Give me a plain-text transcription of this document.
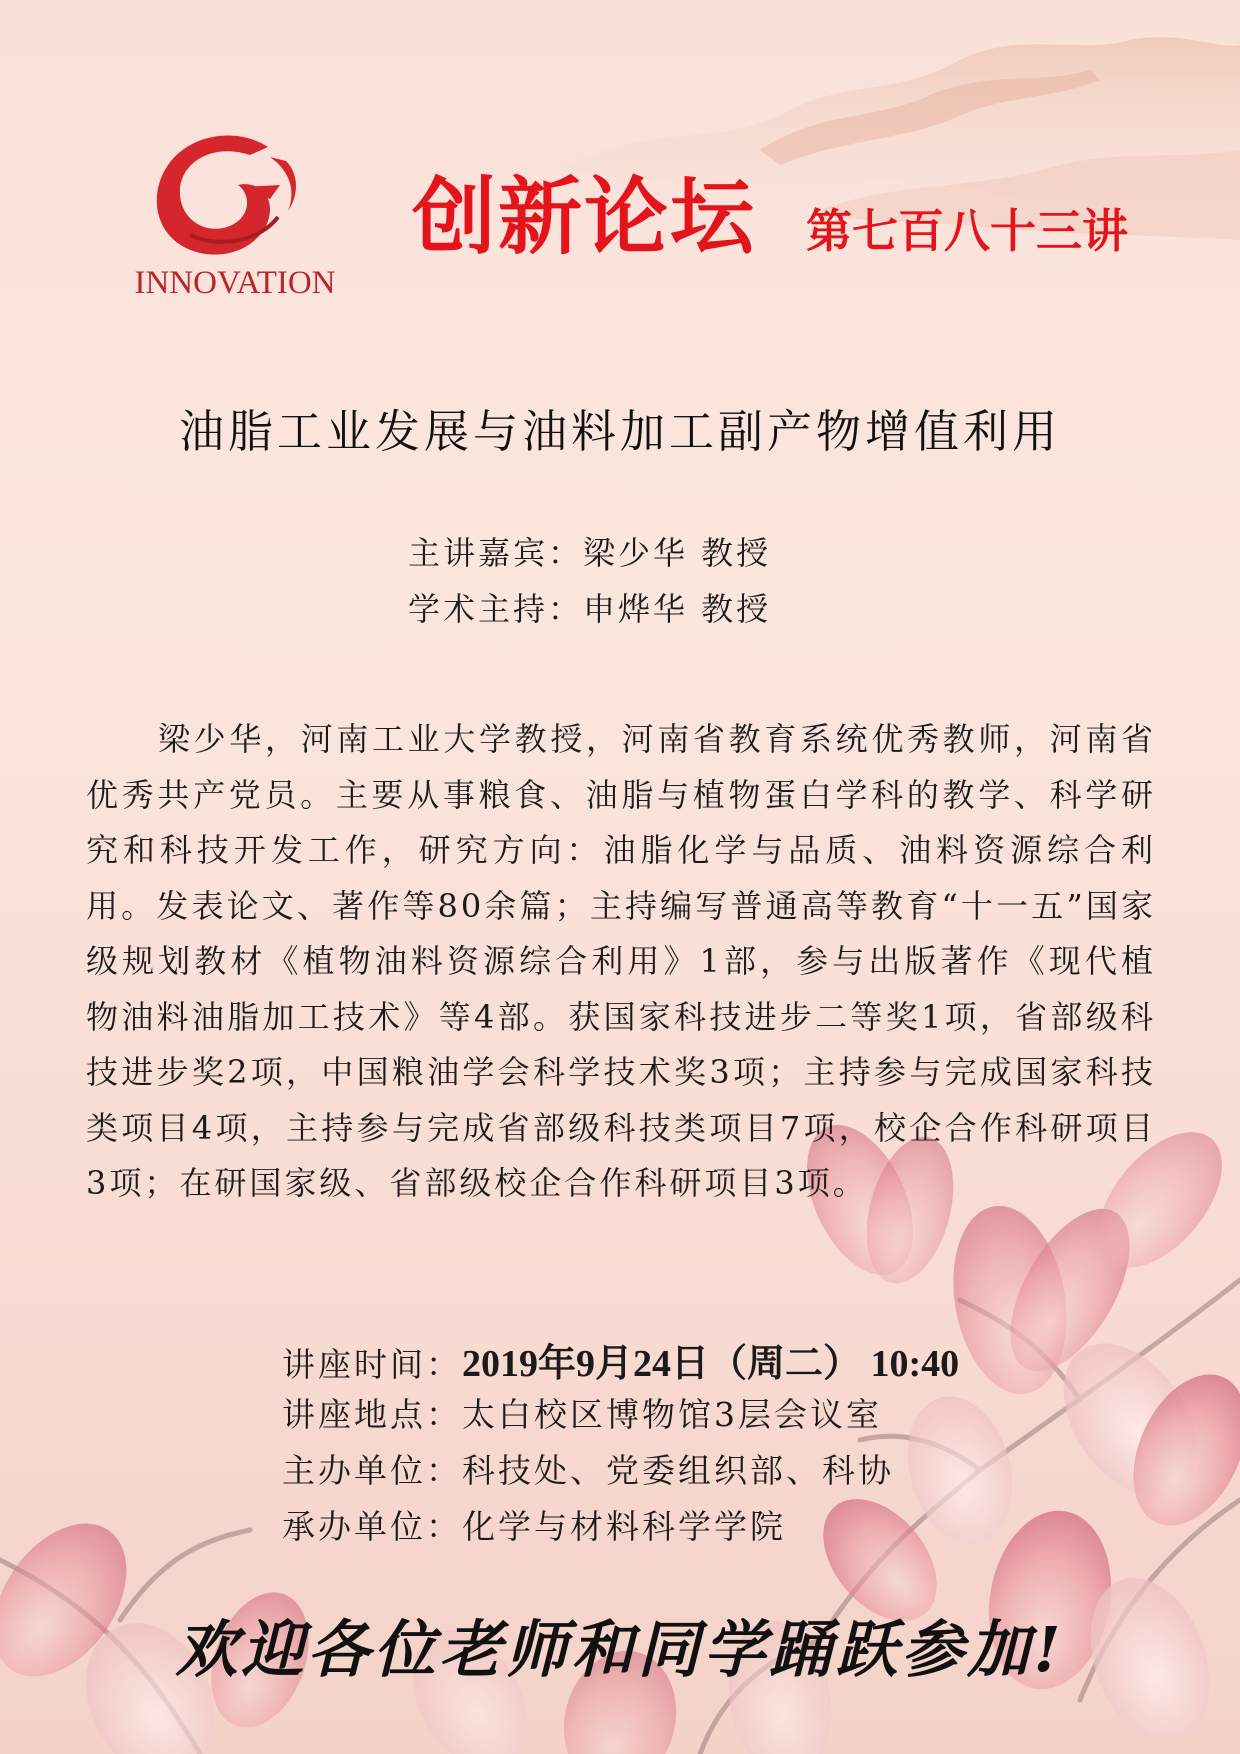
INNOVATION
创新论坛 第七百八十三讲
油脂工业发展与油料加工副产物增值利用
主讲嘉宾：梁少华 教授
学术主持：申烨华 教授

梁少华，河南工业大学教授，河南省教育系统优秀教师，河南省优秀共产党员。主要从事粮食、油脂与植物蛋白学科的教学、科学研究和科技开发工作，研究方向：油脂化学与品质、油料资源综合利用。发表论文、著作等80余篇；主持编写普通高等教育“十一五”国家级规划教材《植物油料资源综合利用》1部，参与出版著作《现代植物油料油脂加工技术》等4部。获国家科技进步二等奖1项，省部级科技进步奖2项，中国粮油学会科学技术奖3项；主持参与完成国家科技类项目4项，主持参与完成省部级科技类项目7项，校企合作科研项目3项；在研国家级、省部级校企合作科研项目3项。

讲座时间：2019年9月24日（周二） 10:40
讲座地点：太白校区博物馆3层会议室
主办单位：科技处、党委组织部、科协
承办单位：化学与材料科学学院
欢迎各位老师和同学踊跃参加!
